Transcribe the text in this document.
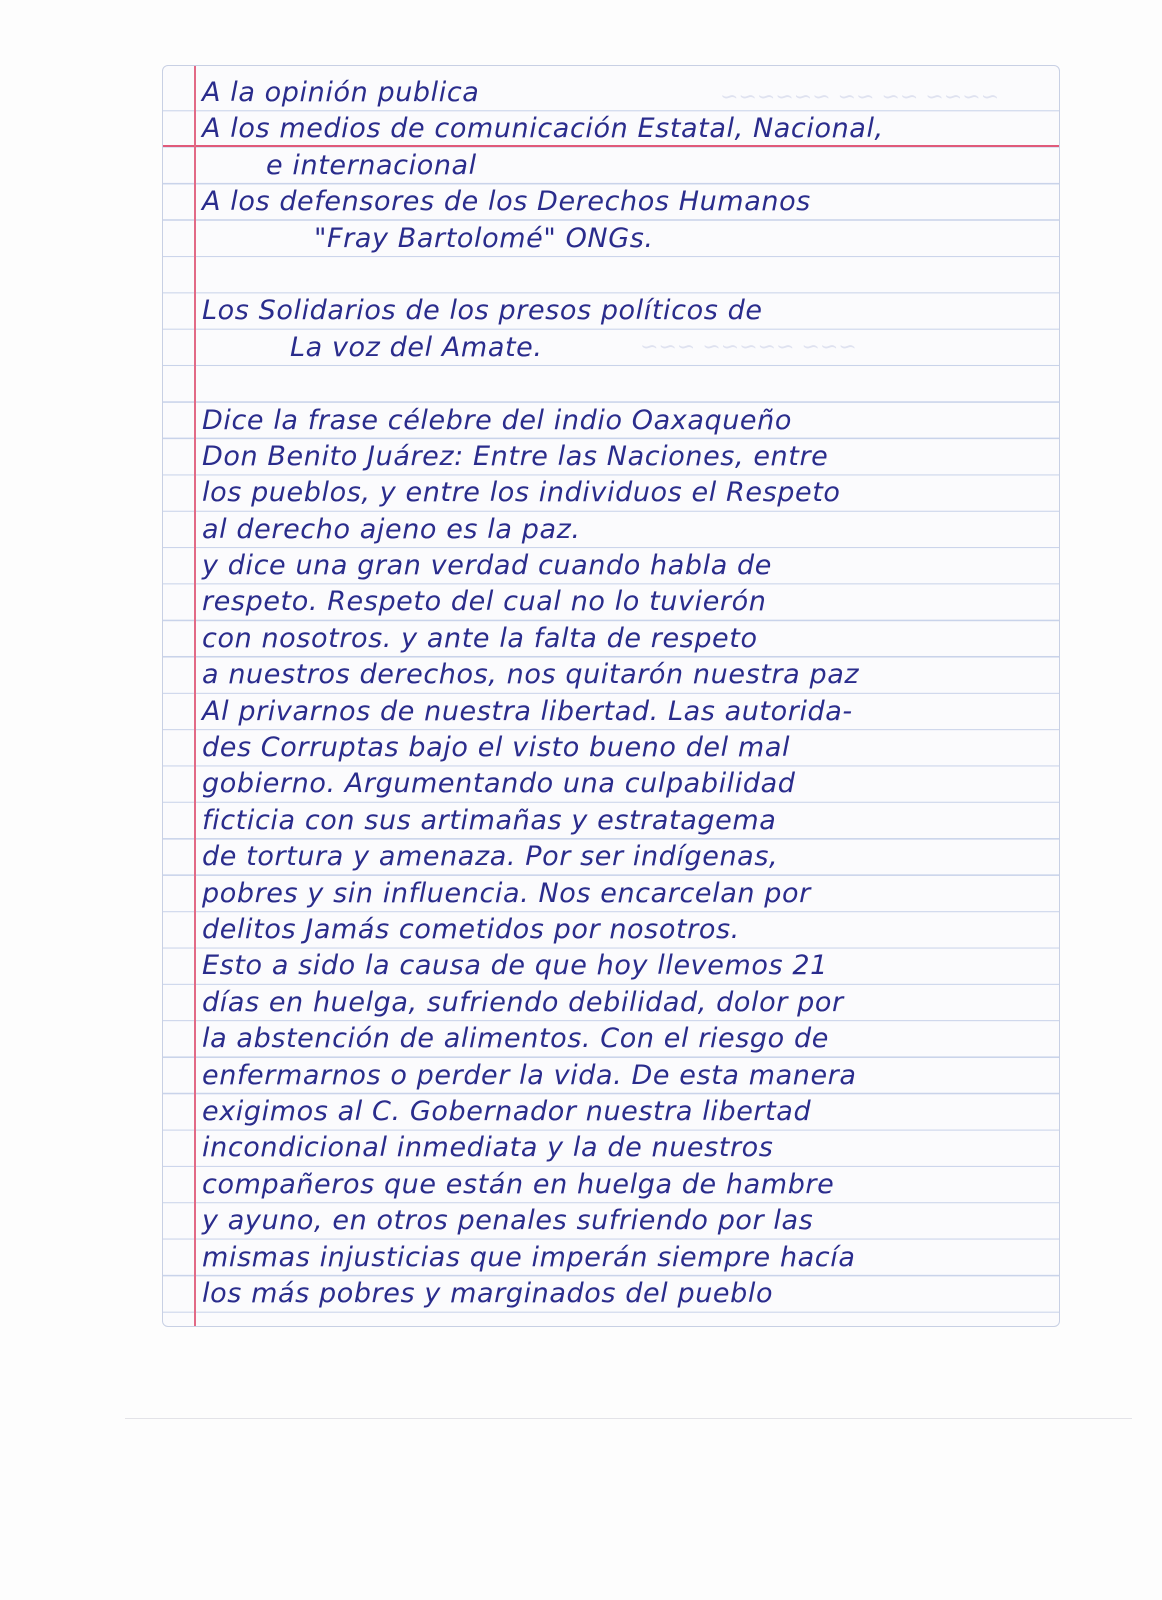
~~~~ ~~ ~~ ~~~~~~
~~~ ~~~~~ ~~~
A la opinión publica
A los medios de comunicación Estatal, Nacional,
e internacional
A los defensores de los Derechos Humanos
"Fray Bartolomé" ONGs.
Los Solidarios de los presos políticos de
La voz del Amate.
Dice la frase célebre del indio Oaxaqueño
Don Benito Juárez: Entre las Naciones, entre
los pueblos, y entre los individuos el Respeto
al derecho ajeno es la paz.
y dice una gran verdad cuando habla de
respeto. Respeto del cual no lo tuvierón
con nosotros. y ante la falta de respeto
a nuestros derechos, nos quitarón nuestra paz
Al privarnos de nuestra libertad. Las autorida-
des Corruptas bajo el visto bueno del mal
gobierno. Argumentando una culpabilidad
ficticia con sus artimañas y estratagema
de tortura y amenaza. Por ser indígenas,
pobres y sin influencia. Nos encarcelan por
delitos Jamás cometidos por nosotros.
Esto a sido la causa de que hoy llevemos 21
días en huelga, sufriendo debilidad, dolor por
la abstención de alimentos. Con el riesgo de
enfermarnos o perder la vida. De esta manera
exigimos al C. Gobernador nuestra libertad
incondicional inmediata y la de nuestros
compañeros que están en huelga de hambre
y ayuno, en otros penales sufriendo por las
mismas injusticias que imperán siempre hacía
los más pobres y marginados del pueblo
